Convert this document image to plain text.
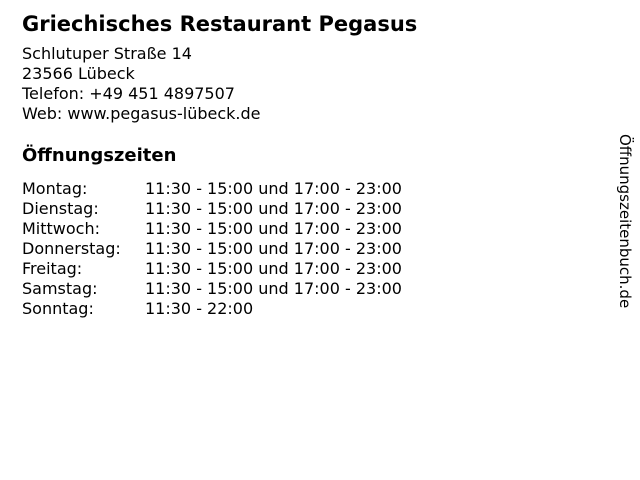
Griechisches Restaurant Pegasus
Schlutuper Straße 14
23566 Lübeck
Telefon: +49 451 4897507
Web: www.pegasus-lübeck.de
Öffnungszeiten
Montag:	11:30 - 15:00 und 17:00 - 23:00
Dienstag:	11:30 - 15:00 und 17:00 - 23:00
Mittwoch:	11:30 - 15:00 und 17:00 - 23:00
Donnerstag:	11:30 - 15:00 und 17:00 - 23:00
Freitag:	11:30 - 15:00 und 17:00 - 23:00
Samstag:	11:30 - 15:00 und 17:00 - 23:00
Sonntag:	11:30 - 22:00
Öffnungszeitenbuch.de
